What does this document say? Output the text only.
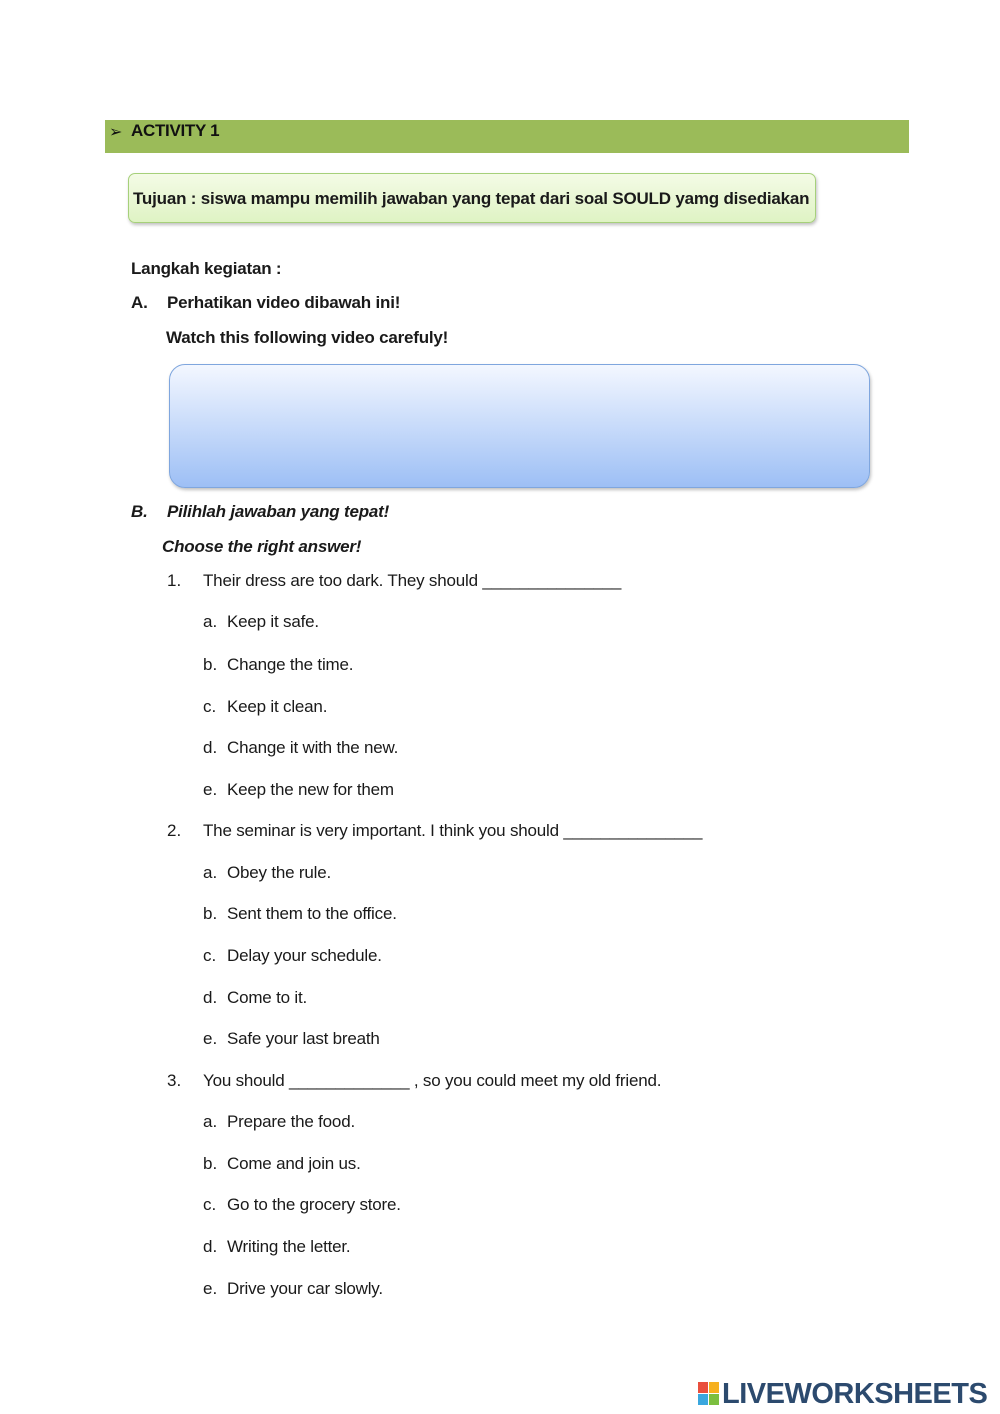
➢ ACTIVITY 1
Tujuan : siswa mampu memilih jawaban yang tepat dari soal SOULD yamg disediakan
Langkah kegiatan :
A. Perhatikan video dibawah ini!
Watch this following video carefuly!
B. Pilihlah jawaban yang tepat!
Choose the right answer!
1. Their dress are too dark. They should _______________
a. Keep it safe.
b. Change the time.
c. Keep it clean.
d. Change it with the new.
e. Keep the new for them
2. The seminar is very important. I think you should _______________
a. Obey the rule.
b. Sent them to the office.
c. Delay your schedule.
d. Come to it.
e. Safe your last breath
3. You should _____________ , so you could meet my old friend.
a. Prepare the food.
b. Come and join us.
c. Go to the grocery store.
d. Writing the letter.
e. Drive your car slowly.
LIVEWORKSHEETS
